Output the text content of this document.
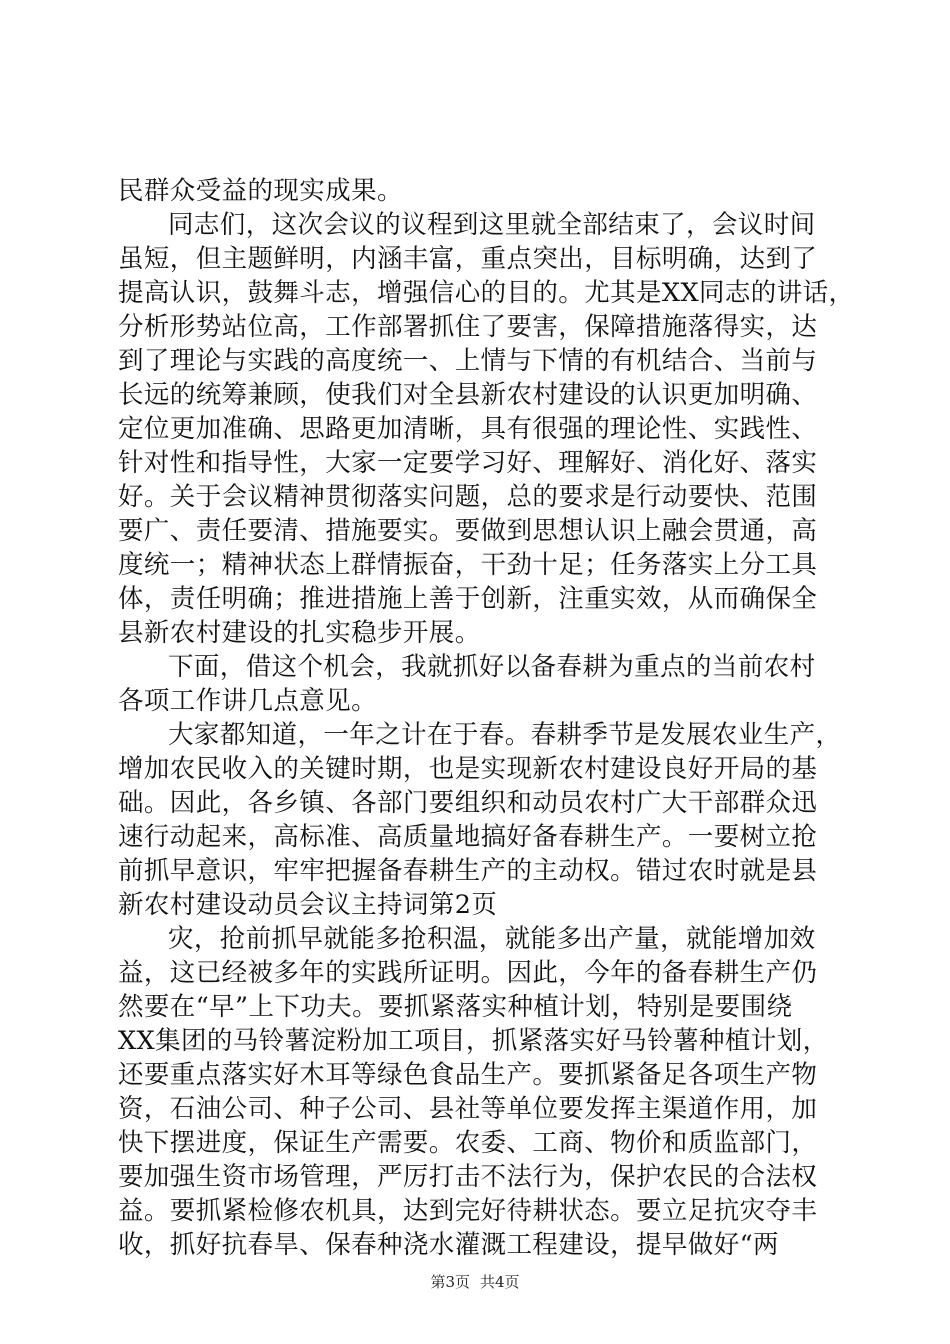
民群众受益的现实成果。
同志们，这次会议的议程到这里就全部结束了，会议时间
虽短，但主题鲜明，内涵丰富，重点突出，目标明确，达到了
提高认识，鼓舞斗志，增强信心的目的。尤其是XX同志的讲话，
分析形势站位高，工作部署抓住了要害，保障措施落得实，达
到了理论与实践的高度统一、上情与下情的有机结合、当前与
长远的统筹兼顾，使我们对全县新农村建设的认识更加明确、
定位更加准确、思路更加清晰，具有很强的理论性、实践性、
针对性和指导性，大家一定要学习好、理解好、消化好、落实
好。关于会议精神贯彻落实问题，总的要求是行动要快、范围
要广、责任要清、措施要实。要做到思想认识上融会贯通，高
度统一；精神状态上群情振奋，干劲十足；任务落实上分工具
体，责任明确；推进措施上善于创新，注重实效，从而确保全
县新农村建设的扎实稳步开展。
下面，借这个机会，我就抓好以备春耕为重点的当前农村
各项工作讲几点意见。
大家都知道，一年之计在于春。春耕季节是发展农业生产，
增加农民收入的关键时期，也是实现新农村建设良好开局的基
础。因此，各乡镇、各部门要组织和动员农村广大干部群众迅
速行动起来，高标准、高质量地搞好备春耕生产。一要树立抢
前抓早意识，牢牢把握备春耕生产的主动权。错过农时就是县
新农村建设动员会议主持词第2页
灾，抢前抓早就能多抢积温，就能多出产量，就能增加效
益，这已经被多年的实践所证明。因此，今年的备春耕生产仍
然要在“早”上下功夫。要抓紧落实种植计划，特别是要围绕
XX集团的马铃薯淀粉加工项目，抓紧落实好马铃薯种植计划，
还要重点落实好木耳等绿色食品生产。要抓紧备足各项生产物
资，石油公司、种子公司、县社等单位要发挥主渠道作用，加
快下摆进度，保证生产需要。农委、工商、物价和质监部门，
要加强生资市场管理，严厉打击不法行为，保护农民的合法权
益。要抓紧检修农机具，达到完好待耕状态。要立足抗灾夺丰
收，抓好抗春旱、保春种浇水灌溉工程建设，提早做好“两
第3页 共4页
